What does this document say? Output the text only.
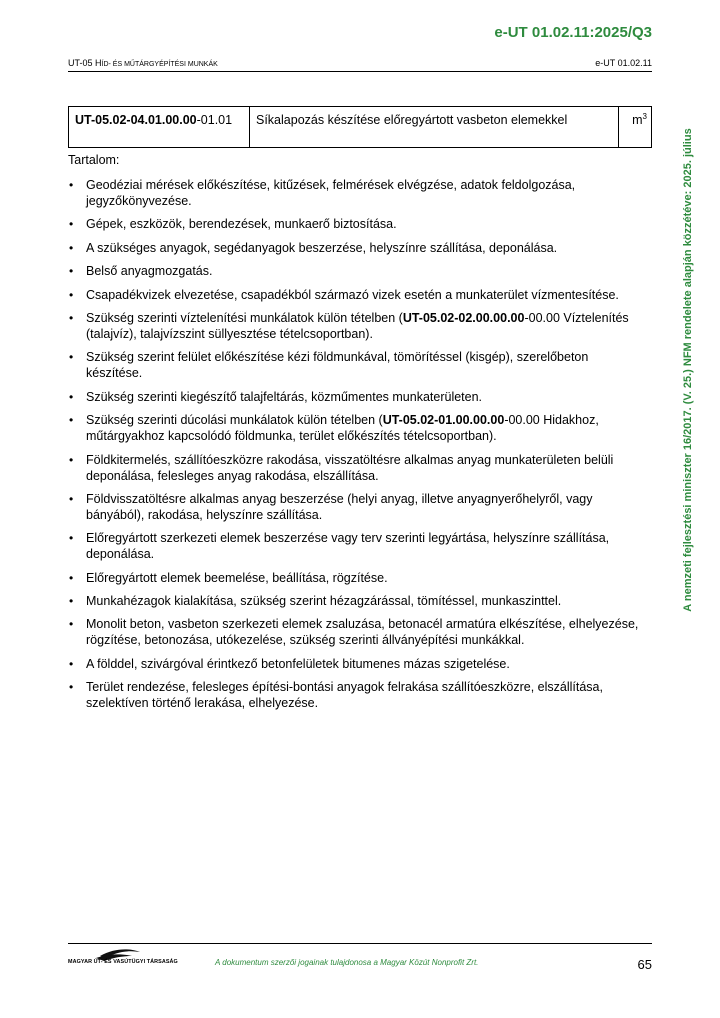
e-UT 01.02.11:2025/Q3
UT-05 HÍD- ÉS MŰTÁRGYÉPÍTÉSI MUNKÁK	e-UT 01.02.11
UT-05.02-04.01.00.00-01.01	Síkalapozás készítése előregyártott vasbeton elemekkel	$m^3$
Tartalom:
• Geodéziai mérések előkészítése, kitűzések, felmérések elvégzése, adatok feldolgozása, jegyzőkönyvezése.
• Gépek, eszközök, berendezések, munkaerő biztosítása.
• A szükséges anyagok, segédanyagok beszerzése, helyszínre szállítása, deponálása.
• Belső anyagmozgatás.
• Csapadékvizek elvezetése, csapadékból származó vizek esetén a munkaterület vízmentesítése.
• Szükség szerinti víztelenítési munkálatok külön tételben (UT-05.02-02.00.00.00-00.00 Víztelenítés (talajvíz), talajvízszint süllyesztése tételcsoportban).
• Szükség szerint felület előkészítése kézi földmunkával, tömörítéssel (kisgép), szerelőbeton készítése.
• Szükség szerinti kiegészítő talajfeltárás, közműmentes munkaterületen.
• Szükség szerinti dúcolási munkálatok külön tételben (UT-05.02-01.00.00.00-00.00 Hidakhoz, műtárgyakhoz kapcsolódó földmunka, terület előkészítés tételcsoportban).
• Földkitermelés, szállítóeszközre rakodása, visszatöltésre alkalmas anyag munkaterületen belüli deponálása, felesleges anyag rakodása, elszállítása.
• Földvisszatöltésre alkalmas anyag beszerzése (helyi anyag, illetve anyagnyerőhelyről, vagy bányából), rakodása, helyszínre szállítása.
• Előregyártott szerkezeti elemek beszerzése vagy terv szerinti legyártása, helyszínre szállítása, deponálása.
• Előregyártott elemek beemelése, beállítása, rögzítése.
• Munkahézagok kialakítása, szükség szerint hézagzárással, tömítéssel, munkaszinttel.
• Monolit beton, vasbeton szerkezeti elemek zsaluzása, betonacél armatúra elkészítése, elhelyezése, rögzítése, betonozása, utókezelése, szükség szerinti állványépítési munkákkal.
• A földdel, szivárgóval érintkező betonfelületek bitumenes mázas szigetelése.
• Terület rendezése, felesleges építési-bontási anyagok felrakása szállítóeszközre, elszállítása, szelektíven történő lerakása, elhelyezése.
A nemzeti fejlesztési miniszter 16/2017. (V. 25.) NFM rendelete alapján közzétéve: 2025. július
MAGYAR ÚT- ÉS VASÚTÜGYI TÁRSASÁG	A dokumentum szerzői jogainak tulajdonosa a Magyar Közút Nonprofit Zrt.	65
